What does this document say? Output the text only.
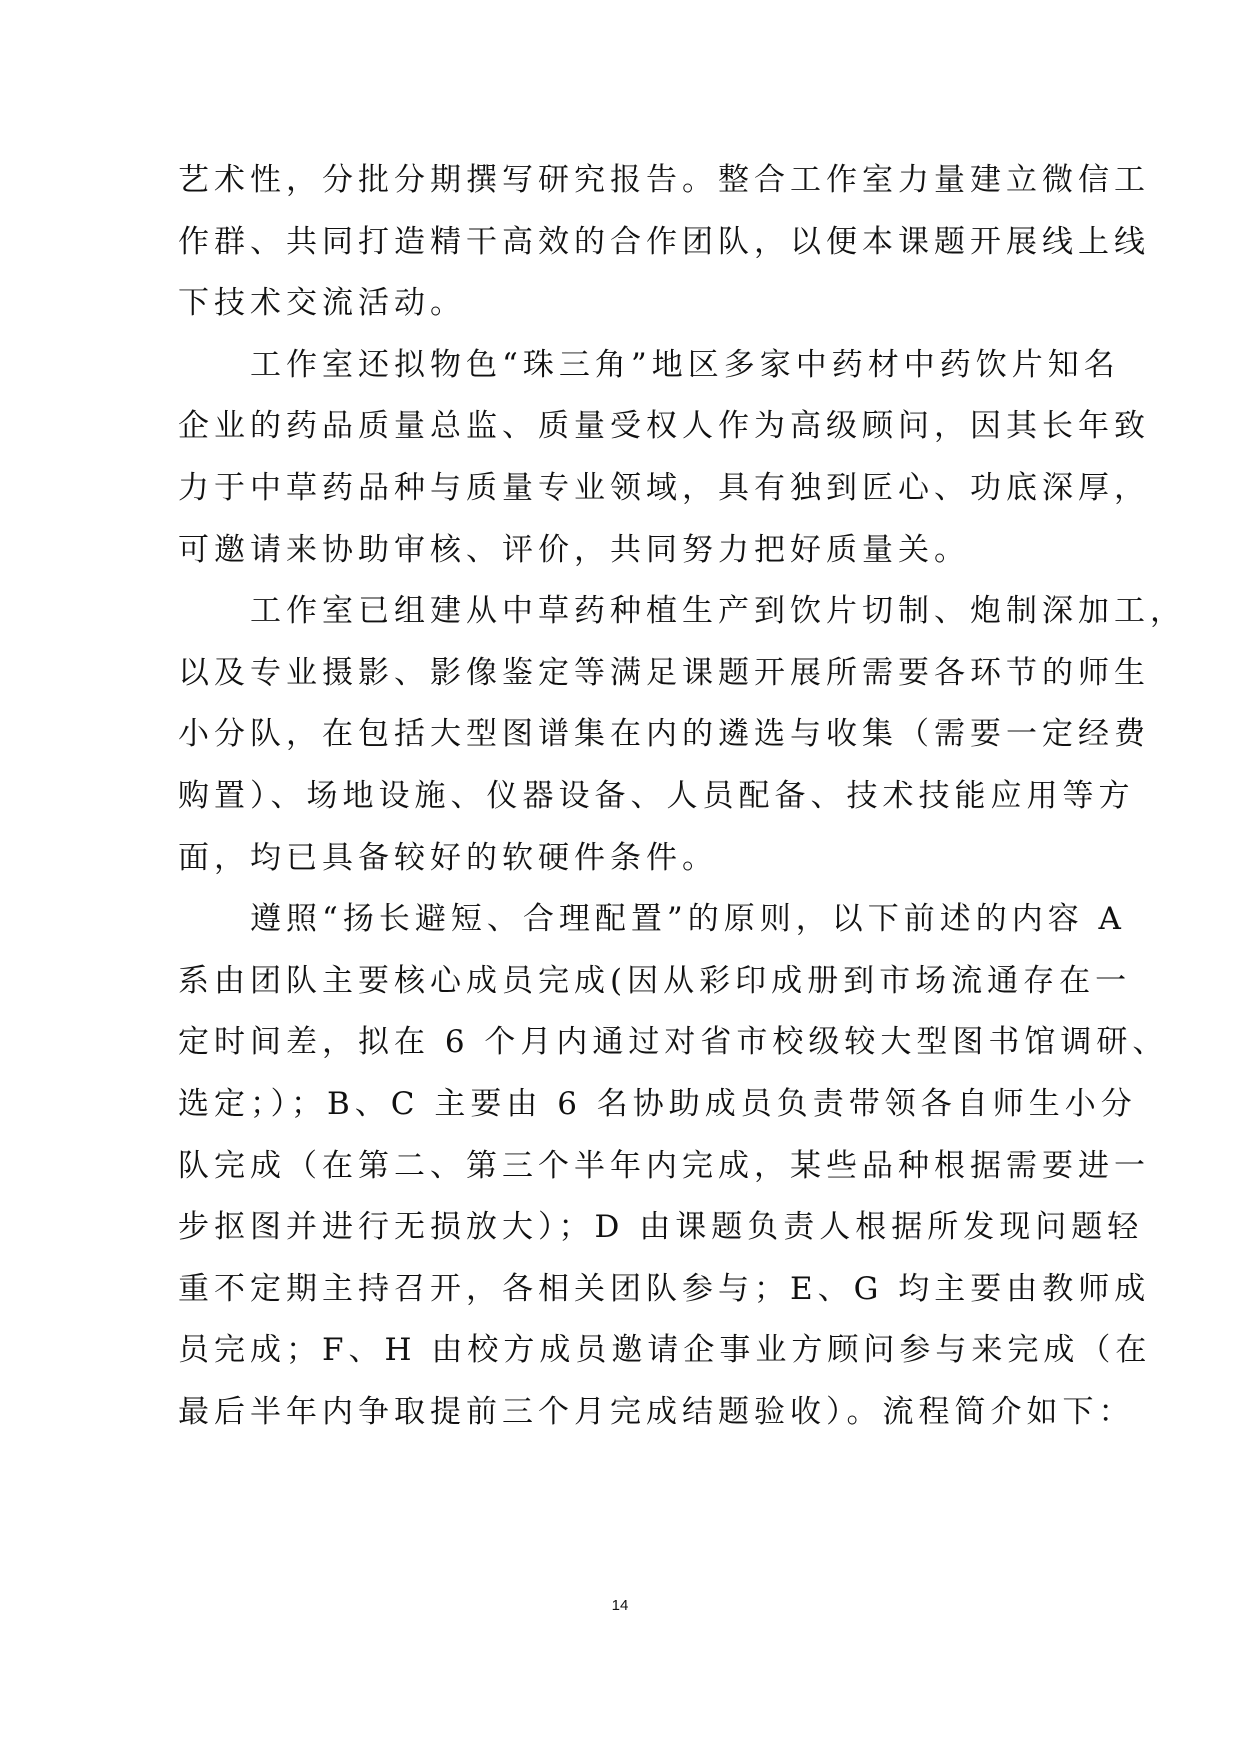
艺术性，分批分期撰写研究报告。整合工作室力量建立微信工
作群、共同打造精干高效的合作团队，以便本课题开展线上线
下技术交流活动。
　　工作室还拟物色“珠三角”地区多家中药材中药饮片知名
企业的药品质量总监、质量受权人作为高级顾问，因其长年致
力于中草药品种与质量专业领域，具有独到匠心、功底深厚，
可邀请来协助审核、评价，共同努力把好质量关。
　　工作室已组建从中草药种植生产到饮片切制、炮制深加工，
以及专业摄影、影像鉴定等满足课题开展所需要各环节的师生
小分队，在包括大型图谱集在内的遴选与收集（需要一定经费
购置）、场地设施、仪器设备、人员配备、技术技能应用等方
面，均已具备较好的软硬件条件。
　　遵照“扬长避短、合理配置”的原则，以下前述的内容 A
系由团队主要核心成员完成(因从彩印成册到市场流通存在一
定时间差，拟在 6 个月内通过对省市校级较大型图书馆调研、
选定；）；B、C 主要由 6 名协助成员负责带领各自师生小分
队完成（在第二、第三个半年内完成，某些品种根据需要进一
步抠图并进行无损放大）；D 由课题负责人根据所发现问题轻
重不定期主持召开，各相关团队参与；E、G 均主要由教师成
员完成；F、H 由校方成员邀请企事业方顾问参与来完成（在
最后半年内争取提前三个月完成结题验收）。流程简介如下：
14
